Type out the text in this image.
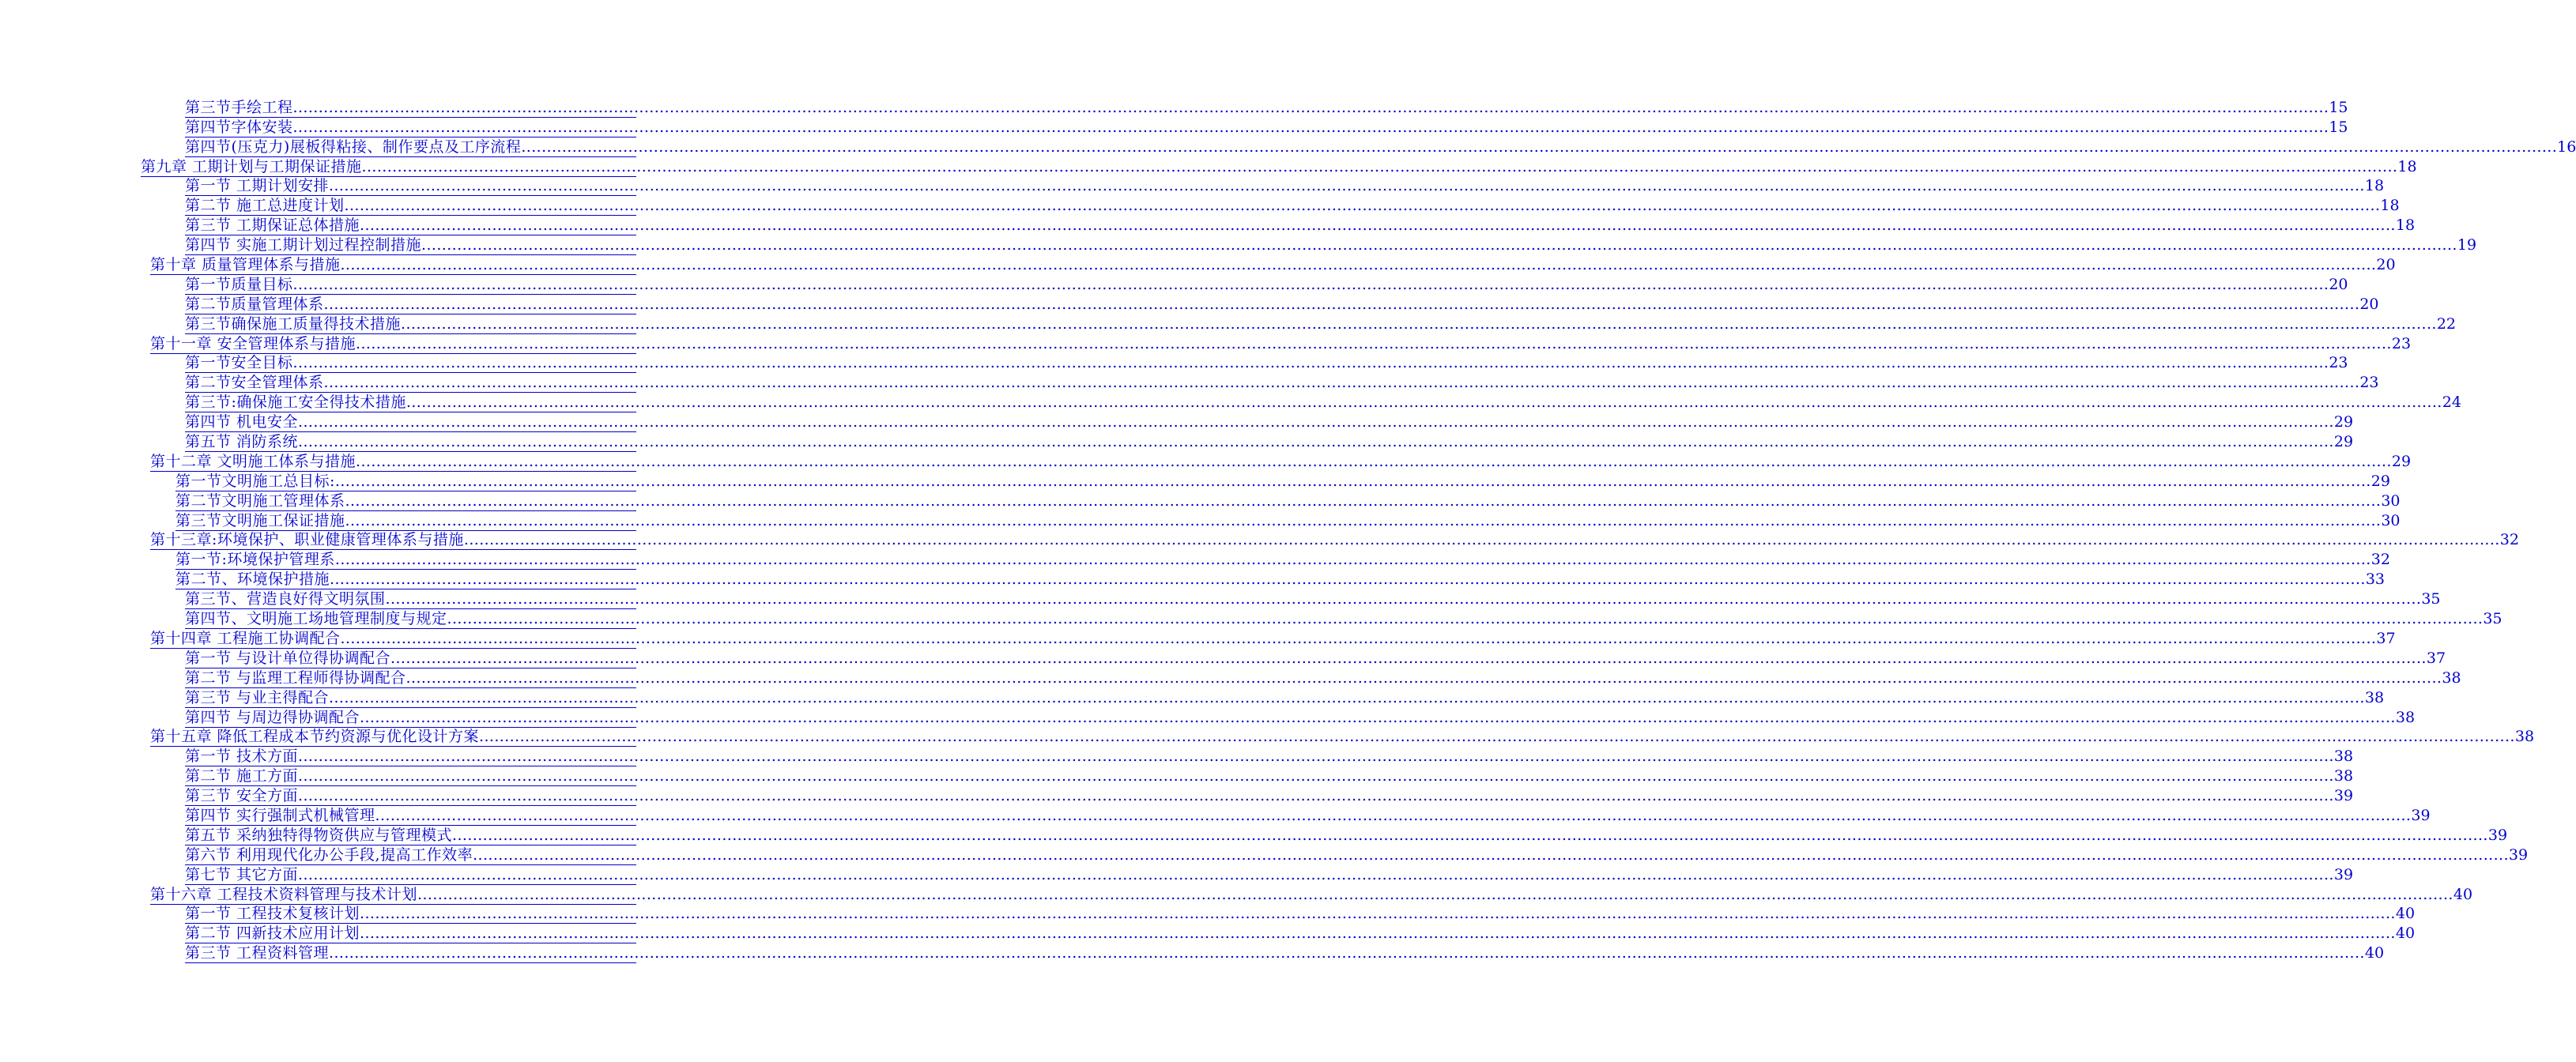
第三节手绘工程 ................................................................................................................................................................................................................................................................................................................................................................................................................ 15
第四节字体安装 ................................................................................................................................................................................................................................................................................................................................................................................................................ 15
第四节(压克力)展板得粘接、制作要点及工序流程 ................................................................................................................................................................................................................................................................................................................................................................................................................ 16
第九章 工期计划与工期保证措施 ................................................................................................................................................................................................................................................................................................................................................................................................................ 18
第一节 工期计划安排 ................................................................................................................................................................................................................................................................................................................................................................................................................ 18
第二节 施工总进度计划 ................................................................................................................................................................................................................................................................................................................................................................................................................ 18
第三节 工期保证总体措施 ................................................................................................................................................................................................................................................................................................................................................................................................................ 18
第四节 实施工期计划过程控制措施 ................................................................................................................................................................................................................................................................................................................................................................................................................ 19
第十章 质量管理体系与措施 ................................................................................................................................................................................................................................................................................................................................................................................................................ 20
第一节质量目标 ................................................................................................................................................................................................................................................................................................................................................................................................................ 20
第二节质量管理体系 ................................................................................................................................................................................................................................................................................................................................................................................................................ 20
第三节确保施工质量得技术措施 ................................................................................................................................................................................................................................................................................................................................................................................................................ 22
第十一章 安全管理体系与措施 ................................................................................................................................................................................................................................................................................................................................................................................................................ 23
第一节安全目标 ................................................................................................................................................................................................................................................................................................................................................................................................................ 23
第二节安全管理体系 ................................................................................................................................................................................................................................................................................................................................................................................................................ 23
第三节:确保施工安全得技术措施 ................................................................................................................................................................................................................................................................................................................................................................................................................ 24
第四节 机电安全 ................................................................................................................................................................................................................................................................................................................................................................................................................ 29
第五节 消防系统 ................................................................................................................................................................................................................................................................................................................................................................................................................ 29
第十二章 文明施工体系与措施 ................................................................................................................................................................................................................................................................................................................................................................................................................ 29
第一节文明施工总目标: ................................................................................................................................................................................................................................................................................................................................................................................................................ 29
第二节文明施工管理体系 ................................................................................................................................................................................................................................................................................................................................................................................................................ 30
第三节文明施工保证措施 ................................................................................................................................................................................................................................................................................................................................................................................................................ 30
第十三章:环境保护、职业健康管理体系与措施 ................................................................................................................................................................................................................................................................................................................................................................................................................ 32
第一节:环境保护管理系 ................................................................................................................................................................................................................................................................................................................................................................................................................ 32
第二节、环境保护措施 ................................................................................................................................................................................................................................................................................................................................................................................................................ 33
第三节、营造良好得文明氛围 ................................................................................................................................................................................................................................................................................................................................................................................................................ 35
第四节、文明施工场地管理制度与规定 ................................................................................................................................................................................................................................................................................................................................................................................................................ 35
第十四章 工程施工协调配合 ................................................................................................................................................................................................................................................................................................................................................................................................................ 37
第一节 与设计单位得协调配合 ................................................................................................................................................................................................................................................................................................................................................................................................................ 37
第二节 与监理工程师得协调配合 ................................................................................................................................................................................................................................................................................................................................................................................................................ 38
第三节 与业主得配合 ................................................................................................................................................................................................................................................................................................................................................................................................................ 38
第四节 与周边得协调配合 ................................................................................................................................................................................................................................................................................................................................................................................................................ 38
第十五章 降低工程成本节约资源与优化设计方案 ................................................................................................................................................................................................................................................................................................................................................................................................................ 38
第一节 技术方面 ................................................................................................................................................................................................................................................................................................................................................................................................................ 38
第二节 施工方面 ................................................................................................................................................................................................................................................................................................................................................................................................................ 38
第三节 安全方面 ................................................................................................................................................................................................................................................................................................................................................................................................................ 39
第四节 实行强制式机械管理 ................................................................................................................................................................................................................................................................................................................................................................................................................ 39
第五节 采纳独特得物资供应与管理模式 ................................................................................................................................................................................................................................................................................................................................................................................................................ 39
第六节 利用现代化办公手段,提高工作效率 ................................................................................................................................................................................................................................................................................................................................................................................................................ 39
第七节 其它方面 ................................................................................................................................................................................................................................................................................................................................................................................................................ 39
第十六章 工程技术资料管理与技术计划 ................................................................................................................................................................................................................................................................................................................................................................................................................ 40
第一节 工程技术复核计划 ................................................................................................................................................................................................................................................................................................................................................................................................................ 40
第二节 四新技术应用计划 ................................................................................................................................................................................................................................................................................................................................................................................................................ 40
第三节 工程资料管理 ................................................................................................................................................................................................................................................................................................................................................................................................................ 40
